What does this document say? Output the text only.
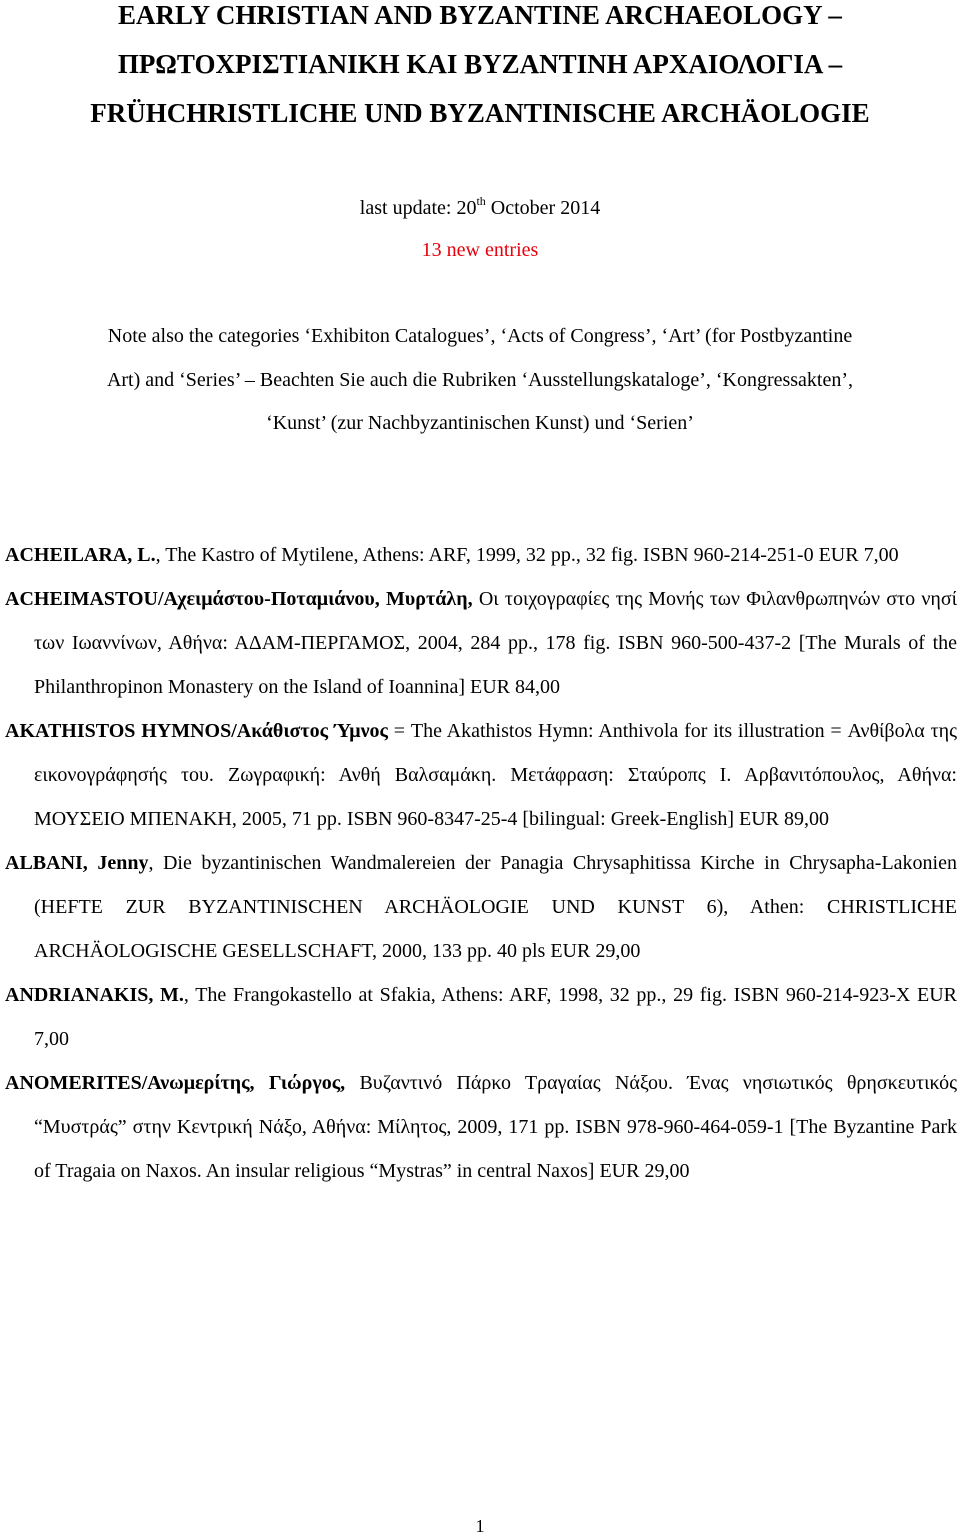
EARLY CHRISTIAN AND BYZANTINE ARCHAEOLOGY –
ΠΡΩΤΟΧΡΙΣΤΙΑΝΙΚΗ ΚΑΙ ΒΥΖΑΝΤΙΝΗ ΑΡΧΑΙΟΛΟΓΙΑ –
FRÜHCHRISTLICHE UND BYZANTINISCHE ARCHÄOLOGIE
last update: 20th October 2014
13 new entries

Note also the categories ‘Exhibiton Catalogues’, ‘Acts of Congress’, ‘Art’ (for Postbyzantine

Art) and ‘Series’ – Beachten Sie auch die Rubriken ‘Ausstellungskataloge’, ‘Kongressakten’,

‘Kunst’ (zur Nachbyzantinischen Kunst) und ‘Serien’

ACHEILARA, L., The Kastro of Mytilene, Athens: ARF, 1999, 32 pp., 32 fig. ISBN 960-214-251-0 EUR 7,00

ACHEIMASTOU/Αχειμάστου-Ποταμιάνου, Μυρτάλη, Οι τοιχογραφίες της Μονής των Φιλανθρωπηνών στο νησί των Ιωαννίνων, Αθήνα: ΑΔΑΜ-ΠΕΡΓΑΜΟΣ, 2004, 284 pp., 178 fig. ISBN 960-500-437-2 [The Murals of the Philanthropinon Monastery on the Island of Ioannina] EUR 84,00

AKATHISTOS HYMNOS/Ακάθιστος Ύμνος = The Akathistos Hymn: Anthivola for its illustration = Ανθίβολα της εικονογράφησής του. Ζωγραφική: Ανθή Βαλσαμάκη. Μετάφραση: Σταύροπς Ι. Αρβανιτόπουλος, Αθήνα: ΜΟΥΣΕΙΟ ΜΠΕΝΑΚΗ, 2005, 71 pp. ISBN 960-8347-25-4 [bilingual: Greek-English] EUR 89,00

ALBANI, Jenny, Die byzantinischen Wandmalereien der Panagia Chrysaphitissa Kirche in Chrysapha-Lakonien (HEFTE ZUR BYZANTINISCHEN ARCHÄOLOGIE UND KUNST 6), Athen: CHRISTLICHE ARCHÄOLOGISCHE GESELLSCHAFT, 2000, 133 pp. 40 pls EUR 29,00

ANDRIANAKIS, M., The Frangokastello at Sfakia, Athens: ARF, 1998, 32 pp., 29 fig. ISBN 960-214-923-X EUR 7,00

ANOMERITES/Ανωμερίτης, Γιώργος, Βυζαντινό Πάρκο Τραγαίας Νάξου. Ένας νησιωτικός θρησκευτικός “Μυστράς” στην Κεντρική Νάξο, Αθήνα: Μίλητος, 2009, 171 pp. ISBN 978-960-464-059-1 [The Byzantine Park of Tragaia on Naxos. An insular religious “Mystras” in central Naxos] EUR 29,00

1
